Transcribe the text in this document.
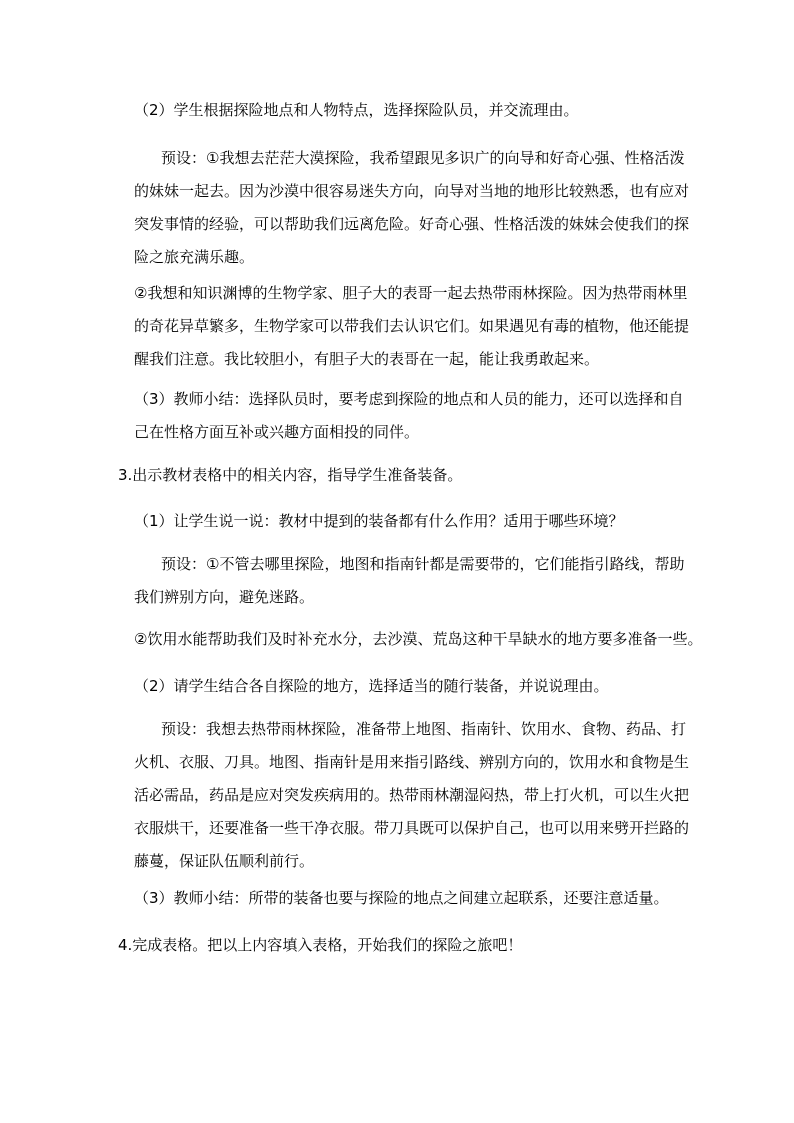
（2）学生根据探险地点和人物特点，选择探险队员，并交流理由。
预设：①我想去茫茫大漠探险，我希望跟见多识广的向导和好奇心强、性格活泼
的妹妹一起去。因为沙漠中很容易迷失方向，向导对当地的地形比较熟悉，也有应对
突发事情的经验，可以帮助我们远离危险。好奇心强、性格活泼的妹妹会使我们的探
险之旅充满乐趣。
②我想和知识渊博的生物学家、胆子大的表哥一起去热带雨林探险。因为热带雨林里
的奇花异草繁多，生物学家可以带我们去认识它们。如果遇见有毒的植物，他还能提
醒我们注意。我比较胆小，有胆子大的表哥在一起，能让我勇敢起来。
（3）教师小结：选择队员时，要考虑到探险的地点和人员的能力，还可以选择和自
己在性格方面互补或兴趣方面相投的同伴。
3.出示教材表格中的相关内容，指导学生准备装备。
（1）让学生说一说：教材中提到的装备都有什么作用？适用于哪些环境？
预设：①不管去哪里探险，地图和指南针都是需要带的，它们能指引路线，帮助
我们辨别方向，避免迷路。
②饮用水能帮助我们及时补充水分，去沙漠、荒岛这种干旱缺水的地方要多准备一些。
（2）请学生结合各自探险的地方，选择适当的随行装备，并说说理由。
预设：我想去热带雨林探险，准备带上地图、指南针、饮用水、食物、药品、打
火机、衣服、刀具。地图、指南针是用来指引路线、辨别方向的，饮用水和食物是生
活必需品，药品是应对突发疾病用的。热带雨林潮湿闷热，带上打火机，可以生火把
衣服烘干，还要准备一些干净衣服。带刀具既可以保护自己，也可以用来劈开拦路的
藤蔓，保证队伍顺利前行。
（3）教师小结：所带的装备也要与探险的地点之间建立起联系，还要注意适量。
4.完成表格。把以上内容填入表格，开始我们的探险之旅吧！
